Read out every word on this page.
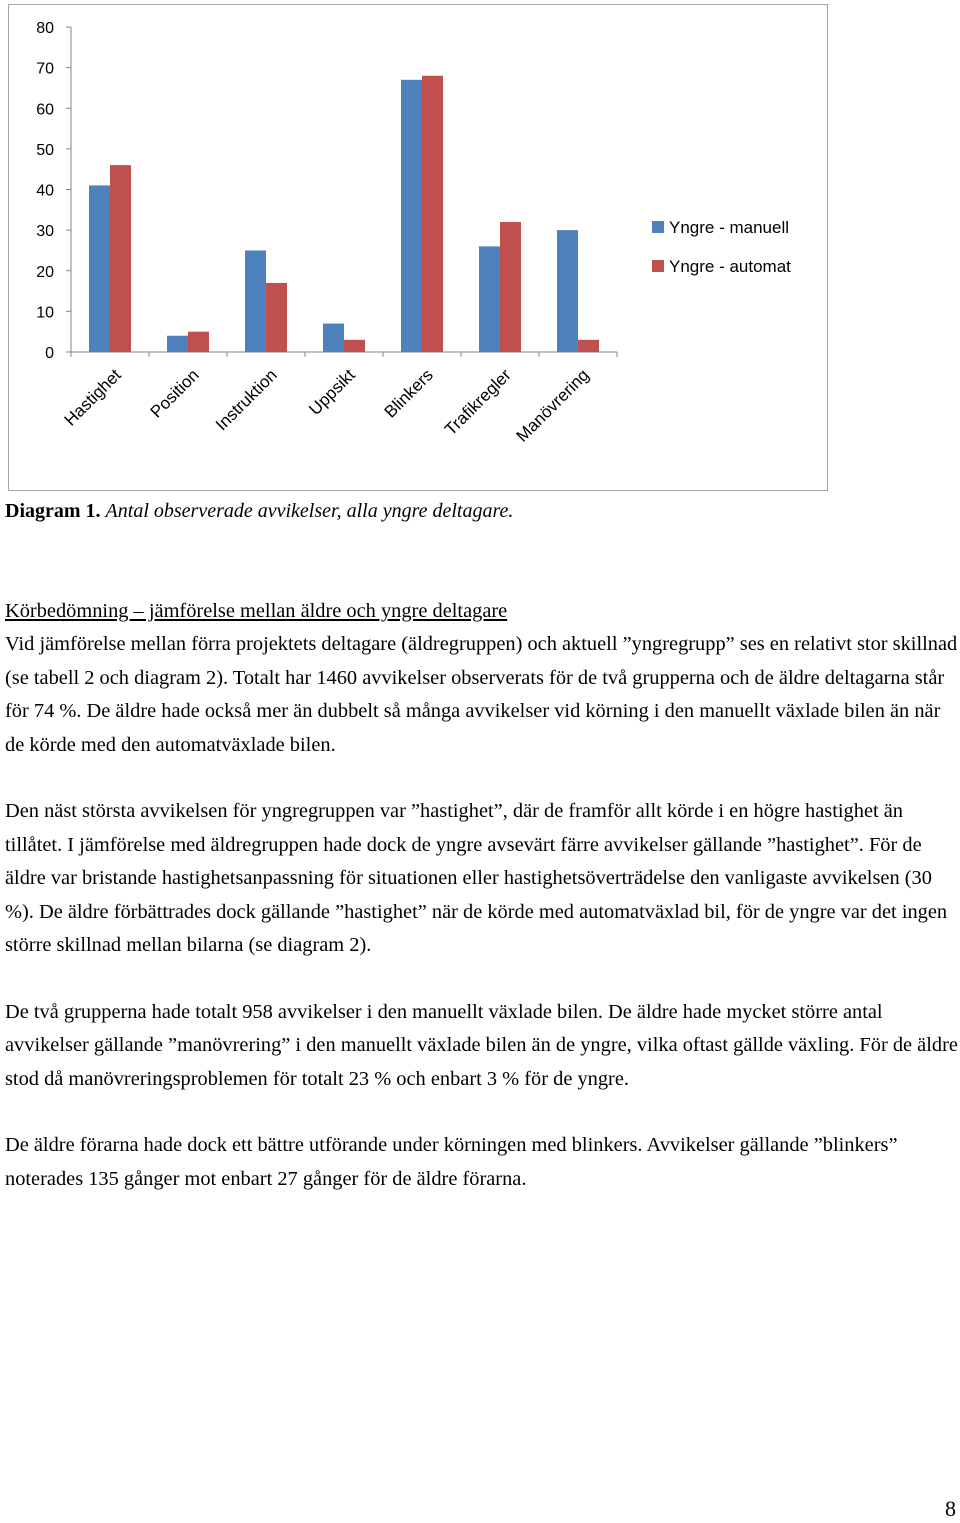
0
10
20
30
40
50
60
70
80
Hastighet Position Instruktion Uppsikt Blinkers Trafikregler
Manövrering
Yngre - manuell
Yngre - automat
Diagram 1. Antal observerade avvikelser, alla yngre deltagare.

Körbedömning – jämförelse mellan äldre och yngre deltagare
Vid jämförelse mellan förra projektets deltagare (äldregruppen) och aktuell ”yngregrupp” ses en relativt stor skillnad (se tabell 2 och diagram 2). Totalt har 1460 avvikelser observerats för de två grupperna och de äldre deltagarna står för 74 %. De äldre hade också mer än dubbelt så många avvikelser vid körning i den manuellt växlade bilen än när de körde med den automatväxlade bilen.

Den näst största avvikelsen för yngregruppen var ”hastighet”, där de framför allt körde i en högre hastighet än tillåtet. I jämförelse med äldregruppen hade dock de yngre avsevärt färre avvikelser gällande ”hastighet”. För de äldre var bristande hastighetsanpassning för situationen eller hastighetsöverträdelse den vanligaste avvikelsen (30 %). De äldre förbättrades dock gällande ”hastighet” när de körde med automatväxlad bil, för de yngre var det ingen större skillnad mellan bilarna (se diagram 2).

De två grupperna hade totalt 958 avvikelser i den manuellt växlade bilen. De äldre hade mycket större antal avvikelser gällande ”manövrering” i den manuellt växlade bilen än de yngre, vilka oftast gällde växling. För de äldre stod då manövreringsproblemen för totalt 23 % och enbart 3 % för de yngre.

De äldre förarna hade dock ett bättre utförande under körningen med blinkers. Avvikelser gällande ”blinkers” noterades 135 gånger mot enbart 27 gånger för de äldre förarna.

8
